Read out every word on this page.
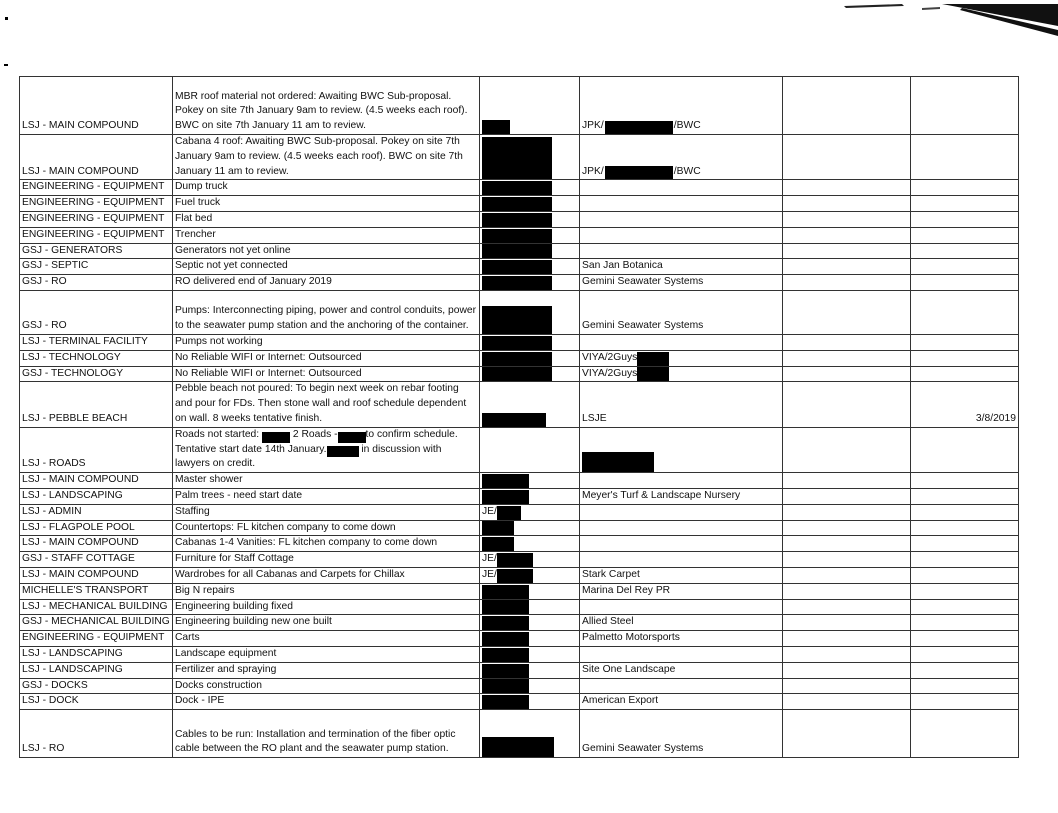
LSJ - MAIN COMPOUND	MBR roof material not ordered: Awaiting BWC Sub-proposal. Pokey on site 7th January 9am to review. (4.5 weeks each roof). BWC on site 7th January 11 am to review.		JPK/ /BWC		
LSJ - MAIN COMPOUND	Cabana 4 roof: Awaiting BWC Sub-proposal. Pokey on site 7th January 9am to review. (4.5 weeks each roof). BWC on site 7th January 11 am to review.		JPK/ /BWC		
ENGINEERING - EQUIPMENT	Dump truck				
ENGINEERING - EQUIPMENT	Fuel truck				
ENGINEERING - EQUIPMENT	Flat bed				
ENGINEERING - EQUIPMENT	Trencher				
GSJ - GENERATORS	Generators not yet online				
GSJ - SEPTIC	Septic not yet connected		San Jan Botanica		
GSJ - RO	RO delivered end of January 2019		Gemini Seawater Systems		
GSJ - RO	Pumps: Interconnecting piping, power and control conduits, power to the seawater pump station and the anchoring of the container.		Gemini Seawater Systems		
LSJ - TERMINAL FACILITY	Pumps not working				
LSJ - TECHNOLOGY	No Reliable WIFI or Internet: Outsourced		VIYA/2Guys		
GSJ - TECHNOLOGY	No Reliable WIFI or Internet: Outsourced		VIYA/2Guys		
LSJ - PEBBLE BEACH	Pebble beach not poured: To begin next week on rebar footing and pour for FDs. Then stone wall and roof schedule dependent on wall. 8 weeks tentative finish.		LSJE		3/8/2019
LSJ - ROADS	Roads not started: 2 Roads - to confirm schedule. Tentative start date 14th January. in discussion with lawyers on credit.				
LSJ - MAIN COMPOUND	Master shower				
LSJ - LANDSCAPING	Palm trees - need start date		Meyer's Turf & Landscape Nursery		
LSJ - ADMIN	Staffing	JE/			
LSJ - FLAGPOLE POOL	Countertops: FL kitchen company to come down				
LSJ - MAIN COMPOUND	Cabanas 1-4 Vanities: FL kitchen company to come down				
GSJ - STAFF COTTAGE	Furniture for Staff Cottage	JE/			
LSJ - MAIN COMPOUND	Wardrobes for all Cabanas and Carpets for Chillax	JE/	Stark Carpet		
MICHELLE'S TRANSPORT	Big N repairs		Marina Del Rey PR		
LSJ - MECHANICAL BUILDING	Engineering building fixed				
GSJ - MECHANICAL BUILDING	Engineering building new one built		Allied Steel		
ENGINEERING - EQUIPMENT	Carts		Palmetto Motorsports		
LSJ - LANDSCAPING	Landscape equipment				
LSJ - LANDSCAPING	Fertilizer and spraying		Site One Landscape		
GSJ - DOCKS	Docks construction				
LSJ - DOCK	Dock - IPE		American Export		
LSJ - RO	Cables to be run: Installation and termination of the fiber optic cable between the RO plant and the seawater pump station.		Gemini Seawater Systems		
